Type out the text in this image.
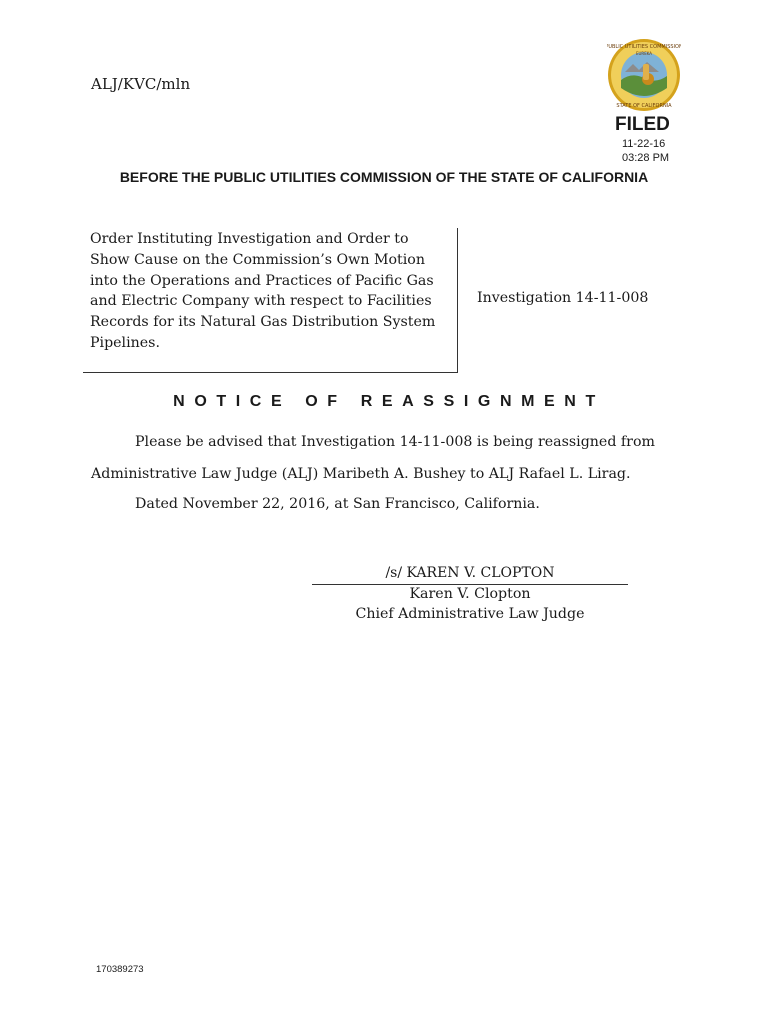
ALJ/KVC/mln
PUBLIC UTILITIES COMMISSION
EUREKA
STATE OF CALIFORNIA
FILED
11-22-16
03:28 PM
BEFORE THE PUBLIC UTILITIES COMMISSION OF THE STATE OF CALIFORNIA
Order Instituting Investigation and Order to
Show Cause on the Commission’s Own Motion
into the Operations and Practices of Pacific Gas
and Electric Company with respect to Facilities
Records for its Natural Gas Distribution System
Pipelines.
Investigation 14-11-008
NOTICE OF REASSIGNMENT
Please be advised that Investigation 14-11-008 is being reassigned from
Administrative Law Judge (ALJ) Maribeth A. Bushey to ALJ Rafael L. Lirag.
Dated November 22, 2016, at San Francisco, California.
/s/ KAREN V. CLOPTON
Karen V. Clopton
Chief Administrative Law Judge
170389273
